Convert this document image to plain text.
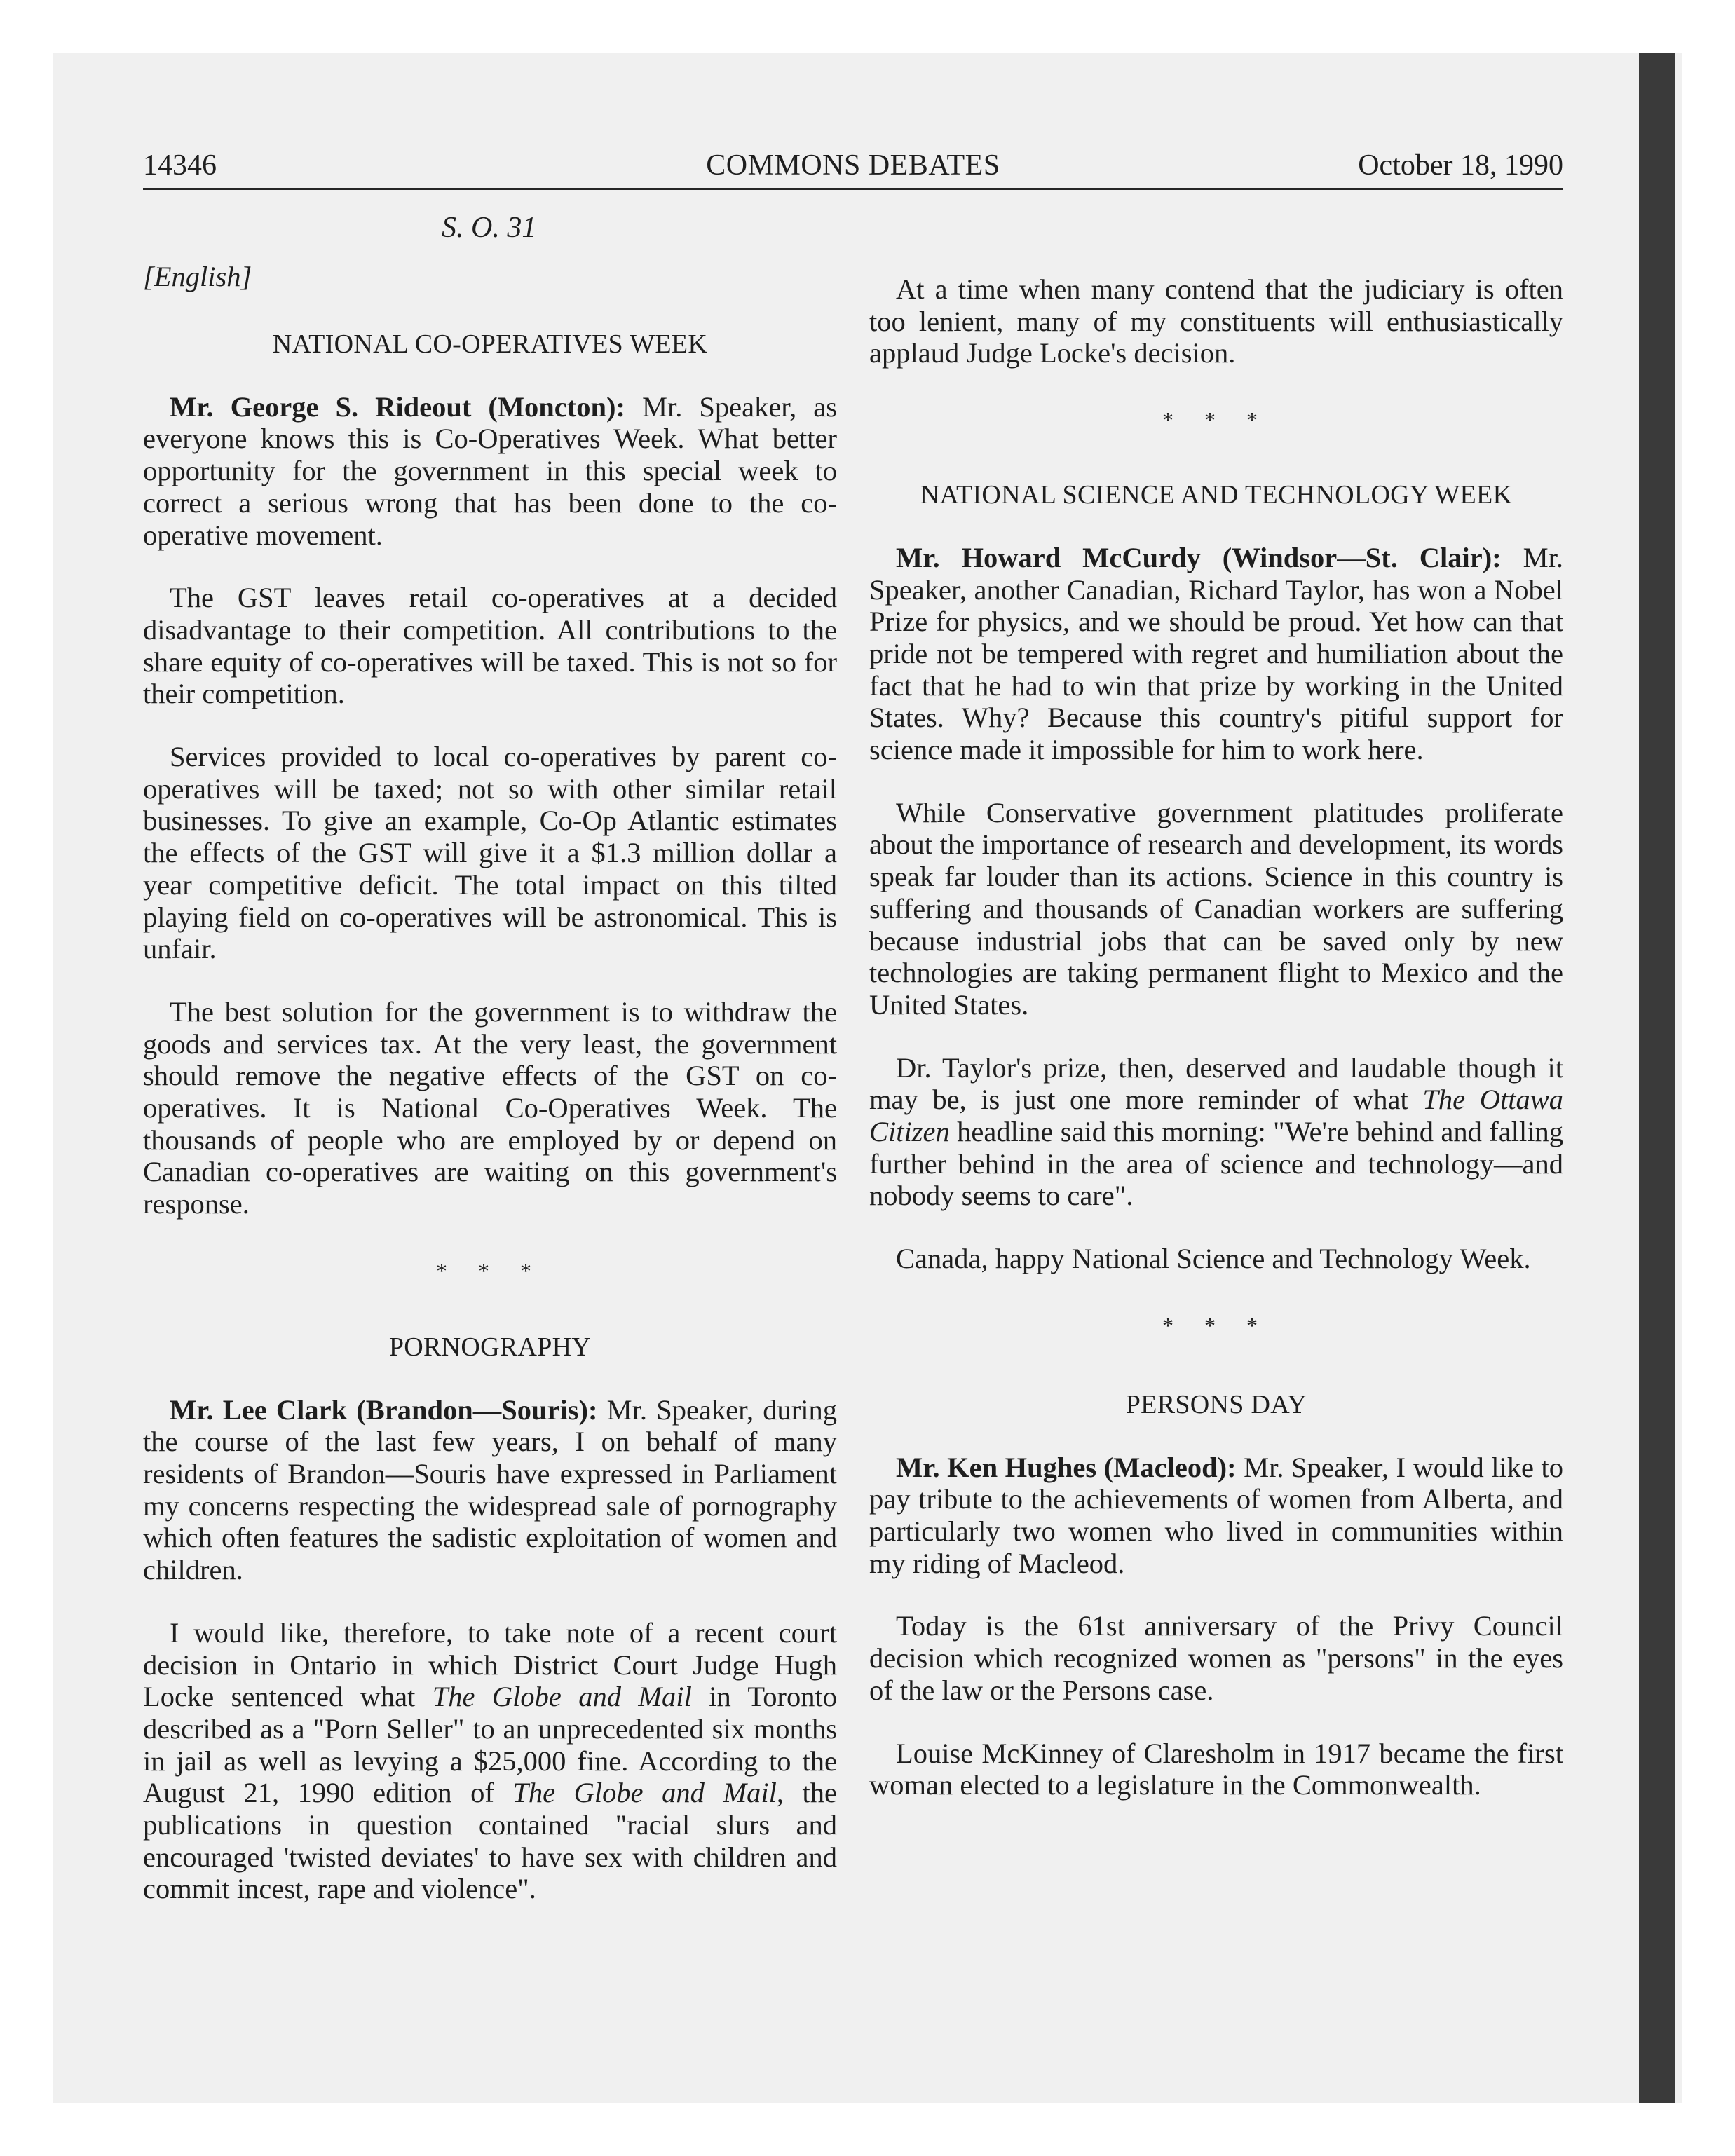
14346	COMMONS DEBATES	October 18, 1990

S. O. 31

[English]

NATIONAL CO-OPERATIVES WEEK

Mr. George S. Rideout (Moncton): Mr. Speaker, as everyone knows this is Co-Operatives Week. What better opportunity for the government in this special week to correct a serious wrong that has been done to the co-operative movement.

The GST leaves retail co-operatives at a decided disadvantage to their competition. All contributions to the share equity of co-operatives will be taxed. This is not so for their competition.

Services provided to local co-operatives by parent co-operatives will be taxed; not so with other similar retail businesses. To give an example, Co-Op Atlantic estimates the effects of the GST will give it a $1.3 million dollar a year competitive deficit. The total impact on this tilted playing field on co-operatives will be astronomical. This is unfair.

The best solution for the government is to withdraw the goods and services tax. At the very least, the government should remove the negative effects of the GST on co-operatives. It is National Co-Operatives Week. The thousands of people who are employed by or depend on Canadian co-operatives are waiting on this government's response.

* * *

PORNOGRAPHY

Mr. Lee Clark (Brandon—Souris): Mr. Speaker, during the course of the last few years, I on behalf of many residents of Brandon—Souris have expressed in Parliament my concerns respecting the widespread sale of pornography which often features the sadistic exploitation of women and children.

I would like, therefore, to take note of a recent court decision in Ontario in which District Court Judge Hugh Locke sentenced what The Globe and Mail in Toronto described as a "Porn Seller" to an unprecedented six months in jail as well as levying a $25,000 fine. According to the August 21, 1990 edition of The Globe and Mail, the publications in question contained "racial slurs and encouraged 'twisted deviates' to have sex with children and commit incest, rape and violence".

At a time when many contend that the judiciary is often too lenient, many of my constituents will enthusiastically applaud Judge Locke's decision.

* * *

NATIONAL SCIENCE AND TECHNOLOGY WEEK

Mr. Howard McCurdy (Windsor—St. Clair): Mr. Speaker, another Canadian, Richard Taylor, has won a Nobel Prize for physics, and we should be proud. Yet how can that pride not be tempered with regret and humiliation about the fact that he had to win that prize by working in the United States. Why? Because this country's pitiful support for science made it impossible for him to work here.

While Conservative government platitudes proliferate about the importance of research and development, its words speak far louder than its actions. Science in this country is suffering and thousands of Canadian workers are suffering because industrial jobs that can be saved only by new technologies are taking permanent flight to Mexico and the United States.

Dr. Taylor's prize, then, deserved and laudable though it may be, is just one more reminder of what The Ottawa Citizen headline said this morning: "We're behind and falling further behind in the area of science and technology—and nobody seems to care".

Canada, happy National Science and Technology Week.

* * *

PERSONS DAY

Mr. Ken Hughes (Macleod): Mr. Speaker, I would like to pay tribute to the achievements of women from Alberta, and particularly two women who lived in communities within my riding of Macleod.

Today is the 61st anniversary of the Privy Council decision which recognized women as "persons" in the eyes of the law or the Persons case.

Louise McKinney of Claresholm in 1917 became the first woman elected to a legislature in the Commonwealth.
